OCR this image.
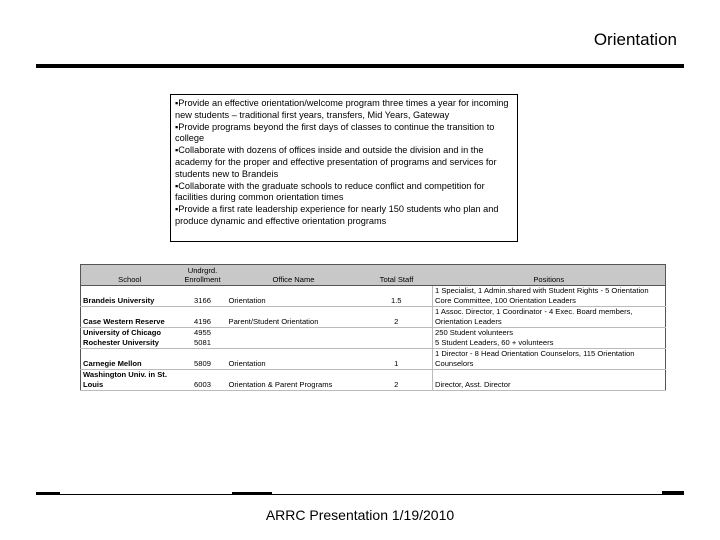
Orientation

▪Provide an effective orientation/welcome program three times a year for incoming new students – traditional first years, transfers, Mid Years, Gateway

▪Provide programs beyond the first days of classes to continue the transition to college

▪Collaborate with dozens of offices inside and outside the division and in the academy for the proper and effective presentation of programs and services for students new to Brandeis

▪Collaborate with the graduate schools to reduce conflict and competition for facilities during common orientation times

▪Provide a first rate leadership experience for nearly 150 students who plan and produce dynamic and effective orientation programs

School	Undrgrd. Enrollment	Office Name	Total Staff	Positions
Brandeis University	3166	Orientation	1.5	1 Specialist, 1 Admin.shared with Student Rights - 5 Orientation Core Committee, 100 Orientation Leaders
Case Western Reserve	4196	Parent/Student Orientation	2	1 Assoc. Director, 1 Coordinator - 4 Exec. Board members, Orientation Leaders
University of Chicago	4955			250 Student volunteers
Rochester University	5081			5 Student Leaders, 60 + volunteers
Carnegie Mellon	5809	Orientation	1	1 Director - 8 Head Orientation Counselors, 115 Orientation Counselors
Washington Univ. in St. Louis	6003	Orientation & Parent Programs	2	Director, Asst. Director
ARRC Presentation 1/19/2010
